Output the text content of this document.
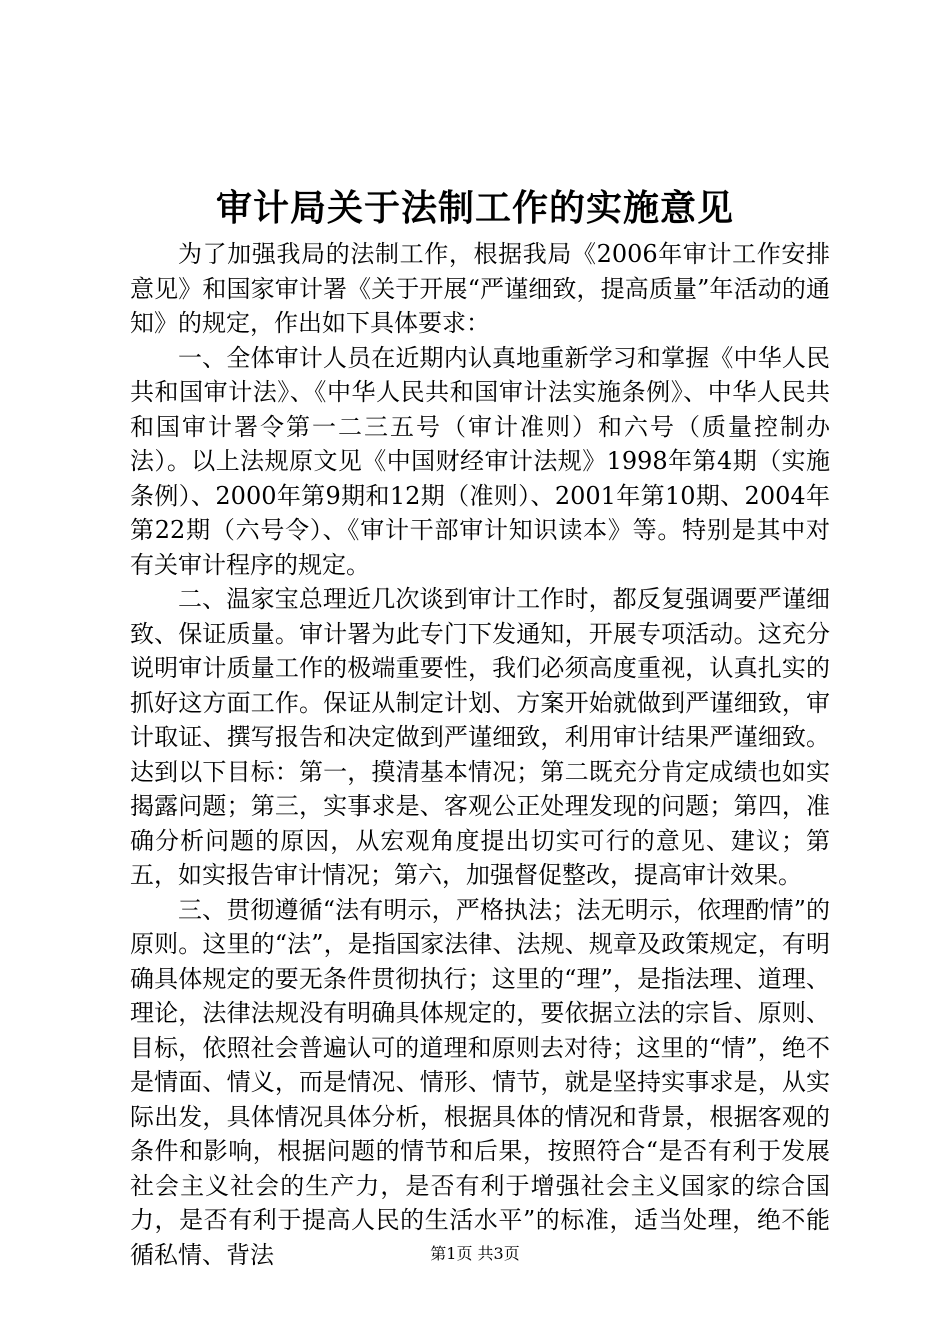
审计局关于法制工作的实施意见

为了加强我局的法制工作，根据我局《2006年审计工作安排意见》和国家审计署《关于开展“严谨细致，提高质量”年活动的通知》的规定，作出如下具体要求：

一、全体审计人员在近期内认真地重新学习和掌握《中华人民共和国审计法》、《中华人民共和国审计法实施条例》、中华人民共和国审计署令第一二三五号（审计准则）和六号（质量控制办法）。以上法规原文见《中国财经审计法规》1998年第4期（实施条例）、2000年第9期和12期（准则）、2001年第10期、2004年第22期（六号令）、《审计干部审计知识读本》等。特别是其中对有关审计程序的规定。

二、温家宝总理近几次谈到审计工作时，都反复强调要严谨细致、保证质量。审计署为此专门下发通知，开展专项活动。这充分说明审计质量工作的极端重要性，我们必须高度重视，认真扎实的抓好这方面工作。保证从制定计划、方案开始就做到严谨细致，审计取证、撰写报告和决定做到严谨细致，利用审计结果严谨细致。达到以下目标：第一，摸清基本情况；第二既充分肯定成绩也如实揭露问题；第三，实事求是、客观公正处理发现的问题；第四，准确分析问题的原因，从宏观角度提出切实可行的意见、建议；第五，如实报告审计情况；第六，加强督促整改，提高审计效果。

三、贯彻遵循“法有明示，严格执法；法无明示，依理酌情”的原则。这里的“法”，是指国家法律、法规、规章及政策规定，有明确具体规定的要无条件贯彻执行；这里的“理”，是指法理、道理、理论，法律法规没有明确具体规定的，要依据立法的宗旨、原则、目标，依照社会普遍认可的道理和原则去对待；这里的“情”，绝不是情面、情义，而是情况、情形、情节，就是坚持实事求是，从实际出发，具体情况具体分析，根据具体的情况和背景，根据客观的条件和影响，根据问题的情节和后果，按照符合“是否有利于发展社会主义社会的生产力，是否有利于增强社会主义国家的综合国力，是否有利于提高人民的生活水平”的标准，适当处理，绝不能循私情、背法	第1页 共3页
